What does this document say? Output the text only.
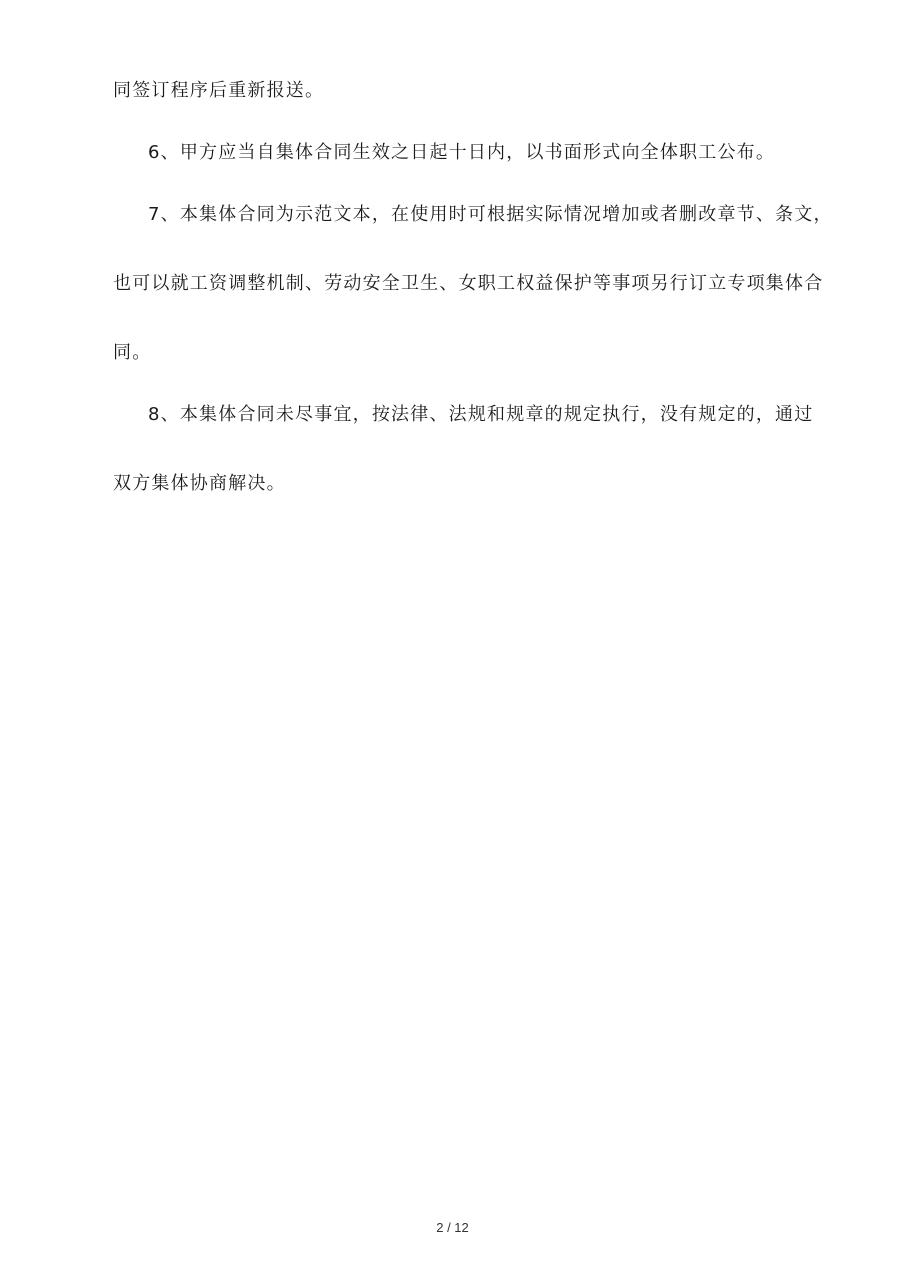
同签订程序后重新报送。
6、甲方应当自集体合同生效之日起十日内，以书面形式向全体职工公布。
7、本集体合同为示范文本，在使用时可根据实际情况增加或者删改章节、条文，
也可以就工资调整机制、劳动安全卫生、女职工权益保护等事项另行订立专项集体合
同。
8、本集体合同未尽事宜，按法律、法规和规章的规定执行，没有规定的，通过
双方集体协商解决。
2 / 12
